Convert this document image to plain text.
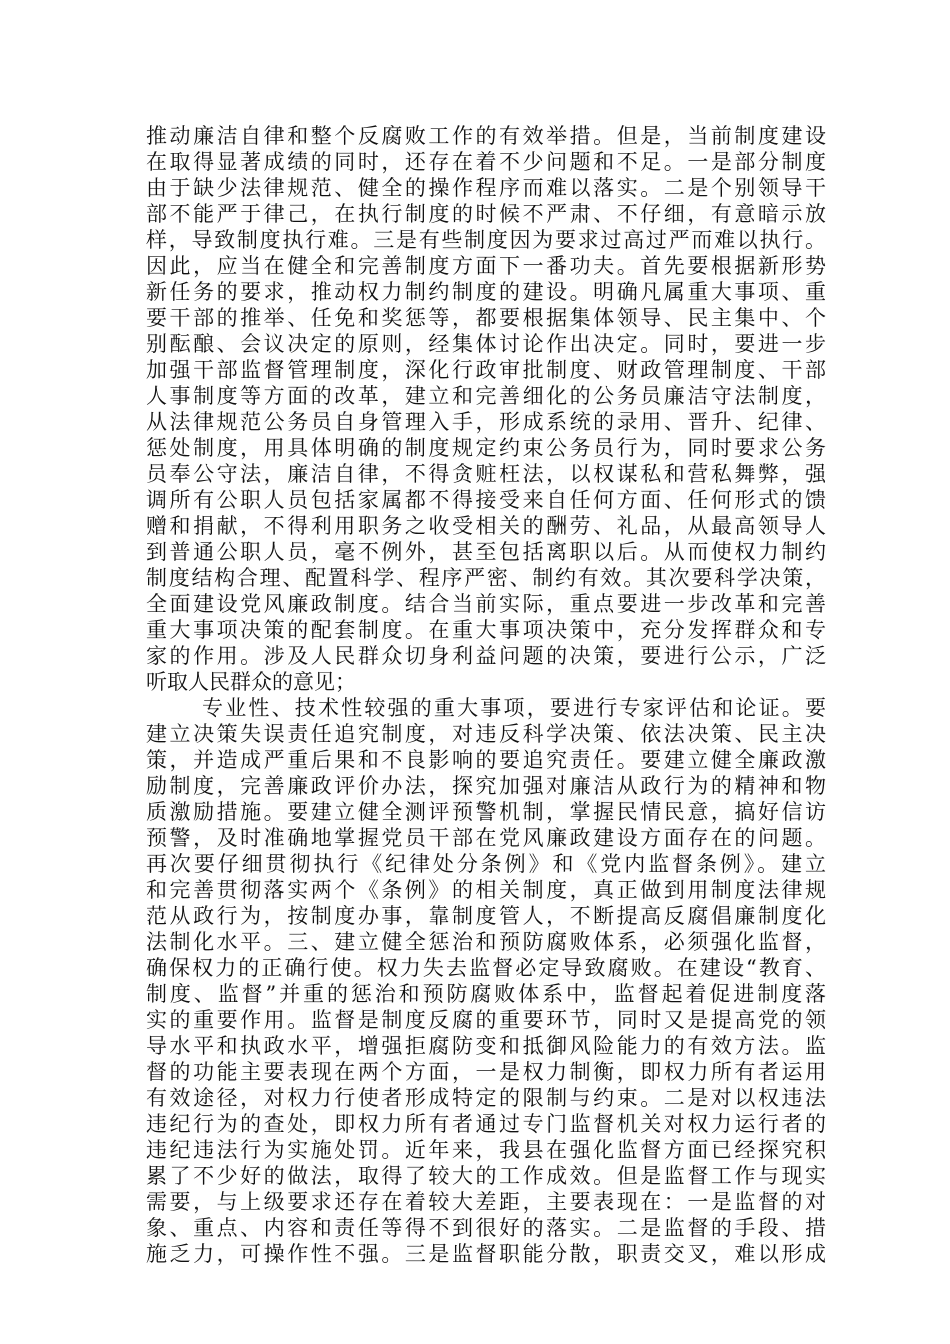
推动廉洁自律和整个反腐败工作的有效举措。但是，当前制度建设
在取得显著成绩的同时，还存在着不少问题和不足。一是部分制度
由于缺少法律规范、健全的操作程序而难以落实。二是个别领导干
部不能严于律己，在执行制度的时候不严肃、不仔细，有意暗示放
样，导致制度执行难。三是有些制度因为要求过高过严而难以执行。
因此，应当在健全和完善制度方面下一番功夫。首先要根据新形势
新任务的要求，推动权力制约制度的建设。明确凡属重大事项、重
要干部的推举、任免和奖惩等，都要根据集体领导、民主集中、个
别酝酿、会议决定的原则，经集体讨论作出决定。同时，要进一步
加强干部监督管理制度，深化行政审批制度、财政管理制度、干部
人事制度等方面的改革，建立和完善细化的公务员廉洁守法制度，
从法律规范公务员自身管理入手，形成系统的录用、晋升、纪律、
惩处制度，用具体明确的制度规定约束公务员行为，同时要求公务
员奉公守法，廉洁自律，不得贪赃枉法，以权谋私和营私舞弊，强
调所有公职人员包括家属都不得接受来自任何方面、任何形式的馈
赠和捐献，不得利用职务之收受相关的酬劳、礼品，从最高领导人
到普通公职人员，毫不例外，甚至包括离职以后。从而使权力制约
制度结构合理、配置科学、程序严密、制约有效。其次要科学决策，
全面建设党风廉政制度。结合当前实际，重点要进一步改革和完善
重大事项决策的配套制度。在重大事项决策中，充分发挥群众和专
家的作用。涉及人民群众切身利益问题的决策，要进行公示，广泛
听取人民群众的意见；
专业性、技术性较强的重大事项，要进行专家评估和论证。要
建立决策失误责任追究制度，对违反科学决策、依法决策、民主决
策，并造成严重后果和不良影响的要追究责任。要建立健全廉政激
励制度，完善廉政评价办法，探究加强对廉洁从政行为的精神和物
质激励措施。要建立健全测评预警机制，掌握民情民意，搞好信访
预警，及时准确地掌握党员干部在党风廉政建设方面存在的问题。
再次要仔细贯彻执行《纪律处分条例》和《党内监督条例》。建立
和完善贯彻落实两个《条例》的相关制度，真正做到用制度法律规
范从政行为，按制度办事，靠制度管人，不断提高反腐倡廉制度化
法制化水平。三、建立健全惩治和预防腐败体系，必须强化监督，
确保权力的正确行使。权力失去监督必定导致腐败。在建设“教育、
制度、监督”并重的惩治和预防腐败体系中，监督起着促进制度落
实的重要作用。监督是制度反腐的重要环节，同时又是提高党的领
导水平和执政水平，增强拒腐防变和抵御风险能力的有效方法。监
督的功能主要表现在两个方面，一是权力制衡，即权力所有者运用
有效途径，对权力行使者形成特定的限制与约束。二是对以权违法
违纪行为的查处，即权力所有者通过专门监督机关对权力运行者的
违纪违法行为实施处罚。近年来，我县在强化监督方面已经探究积
累了不少好的做法，取得了较大的工作成效。但是监督工作与现实
需要，与上级要求还存在着较大差距，主要表现在：一是监督的对
象、重点、内容和责任等得不到很好的落实。二是监督的手段、措
施乏力，可操作性不强。三是监督职能分散，职责交叉，难以形成
